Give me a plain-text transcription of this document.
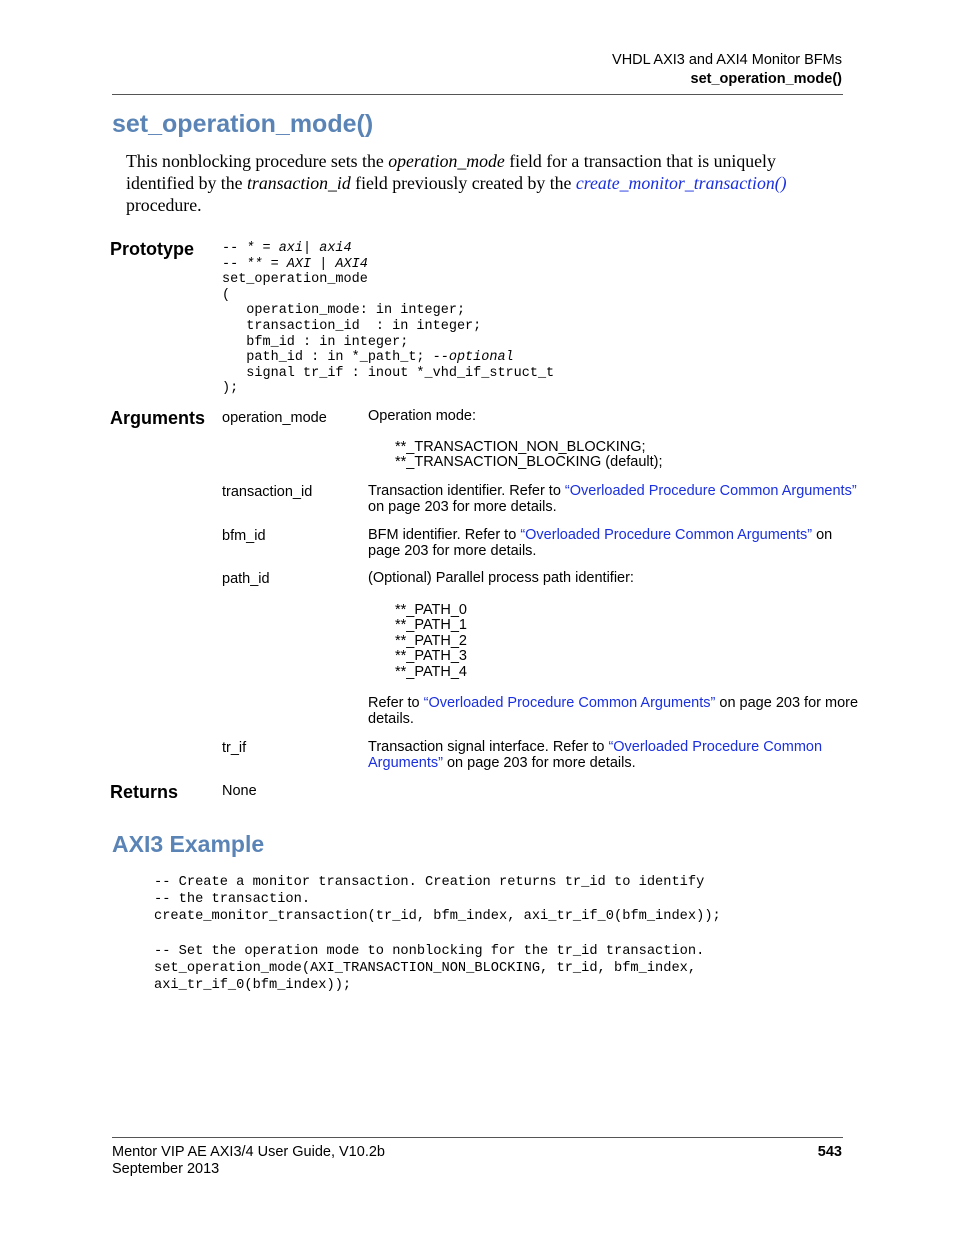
VHDL AXI3 and AXI4 Monitor BFMs
set_operation_mode()
set_operation_mode()
This nonblocking procedure sets the operation_mode field for a transaction that is uniquely identified by the transaction_id field previously created by the create_monitor_transaction() procedure.
Prototype -- * = axi| axi4
-- ** = AXI | AXI4
set_operation_mode
(
operation_mode: in integer;
transaction_id  : in integer;
bfm_id : in integer;
path_id : in *_path_t; --optional
signal tr_if : inout *_vhd_if_struct_t
);
Arguments operation_mode	Operation mode:
**_TRANSACTION_NON_BLOCKING;
**_TRANSACTION_BLOCKING (default);
transaction_id	Transaction identifier. Refer to “Overloaded Procedure Common Arguments” on page 203 for more details.
bfm_id	BFM identifier. Refer to “Overloaded Procedure Common Arguments” on page 203 for more details.
path_id	(Optional) Parallel process path identifier:
**_PATH_0
**_PATH_1
**_PATH_2
**_PATH_3
**_PATH_4
Refer to “Overloaded Procedure Common Arguments” on page 203 for more details.
tr_if	Transaction signal interface. Refer to “Overloaded Procedure Common Arguments” on page 203 for more details.
Returns	None
AXI3 Example
-- Create a monitor transaction. Creation returns tr_id to identify
-- the transaction.
create_monitor_transaction(tr_id, bfm_index, axi_tr_if_0(bfm_index));

-- Set the operation mode to nonblocking for the tr_id transaction.
set_operation_mode(AXI_TRANSACTION_NON_BLOCKING, tr_id, bfm_index,
axi_tr_if_0(bfm_index));
Mentor VIP AE AXI3/4 User Guide, V10.2b
September 2013
543
